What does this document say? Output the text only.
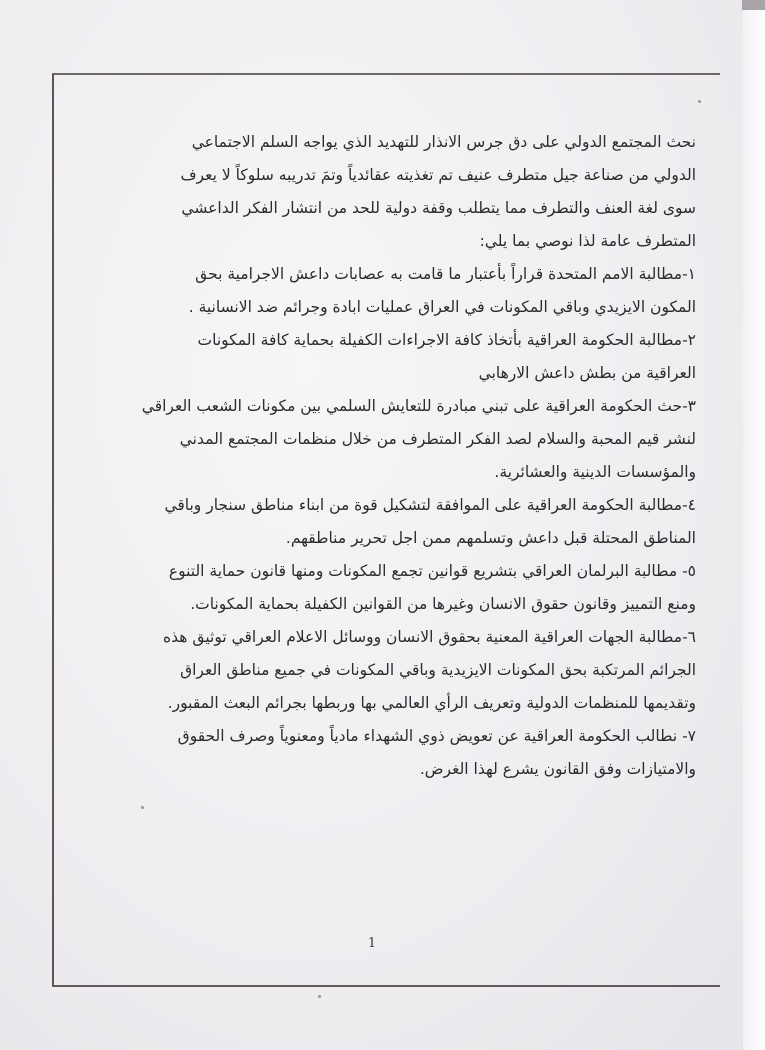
نحث المجتمع الدولي على دق جرس الانذار للتهديد الذي يواجه السلم الاجتماعي
الدولي من صناعة جيل متطرف عنيف تم تغذيته عقائدياً وتمَ تدريبه سلوكاً لا يعرف
سوى لغة العنف والتطرف مما يتطلب وقفة دولية للحد من انتشار الفكر الداعشي
المتطرف عامة لذا نوصي بما يلي:
١-مطالبة الامم المتحدة قراراً بأعتبار ما قامت به عصابات داعش الاجرامية بحق
المكون الايزيدي وباقي المكونات في العراق عمليات ابادة وجرائم ضد الانسانية .
٢-مطالبة الحكومة العراقية بأتخاذ كافة الاجراءات الكفيلة بحماية كافة المكونات
العراقية من بطش داعش الارهابي
٣-حث الحكومة العراقية على تبني مبادرة للتعايش السلمي بين مكونات الشعب العراقي
لنشر قيم المحبة والسلام لصد الفكر المتطرف من خلال منظمات المجتمع المدني
والمؤسسات الدينية والعشائرية.
٤-مطالبة الحكومة العراقية على الموافقة لتشكيل قوة من ابناء مناطق سنجار وباقي
المناطق المحتلة قبل داعش وتسلمهم ممن اجل تحرير مناطقهم.
٥- مطالبة البرلمان العراقي بتشريع قوانين تجمع المكونات ومنها قانون حماية التنوع
ومنع التمييز وقانون حقوق الانسان وغيرها من القوانين الكفيلة بحماية المكونات.
٦-مطالبة الجهات العراقية المعنية بحقوق الانسان ووسائل الاعلام العراقي توثيق هذه
الجرائم المرتكبة بحق المكونات الايزيدية وباقي المكونات في جميع مناطق العراق
وتقديمها للمنظمات الدولية وتعريف الرأي العالمي بها وربطها بجرائم البعث المقبور.
٧- نطالب الحكومة العراقية عن تعويض ذوي الشهداء مادياً ومعنوياً وصرف الحقوق
والامتيازات وفق القانون يشرع لهذا الغرض.
1
